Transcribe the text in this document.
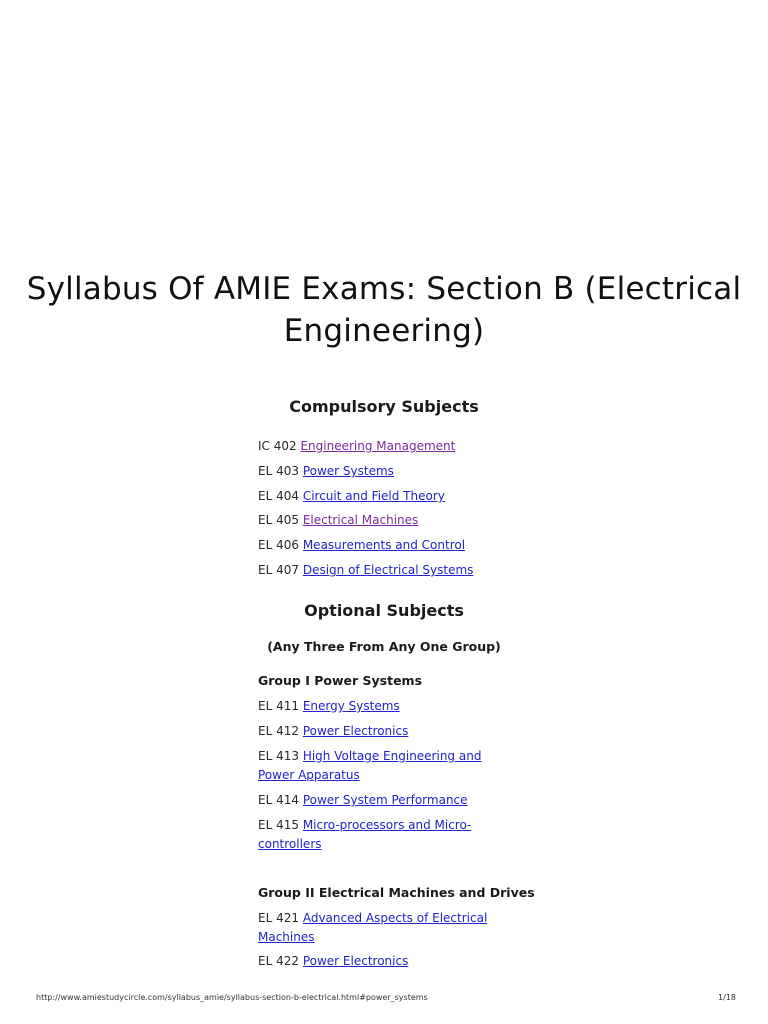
Syllabus Of AMIE Exams: Section B (Electrical
Engineering)
Compulsory Subjects
IC 402 Engineering Management
EL 403 Power Systems
EL 404 Circuit and Field Theory
EL 405 Electrical Machines
EL 406 Measurements and Control
EL 407 Design of Electrical Systems
Optional Subjects
(Any Three From Any One Group)
Group I Power Systems
EL 411 Energy Systems
EL 412 Power Electronics
EL 413 High Voltage Engineering and Power Apparatus
EL 414 Power System Performance
EL 415 Micro-processors and Micro-controllers
Group II Electrical Machines and Drives
EL 421 Advanced Aspects of Electrical Machines
EL 422 Power Electronics
http://www.amiestudycircle.com/syllabus_amie/syllabus-section-b-electrical.html#power_systems	1/18
